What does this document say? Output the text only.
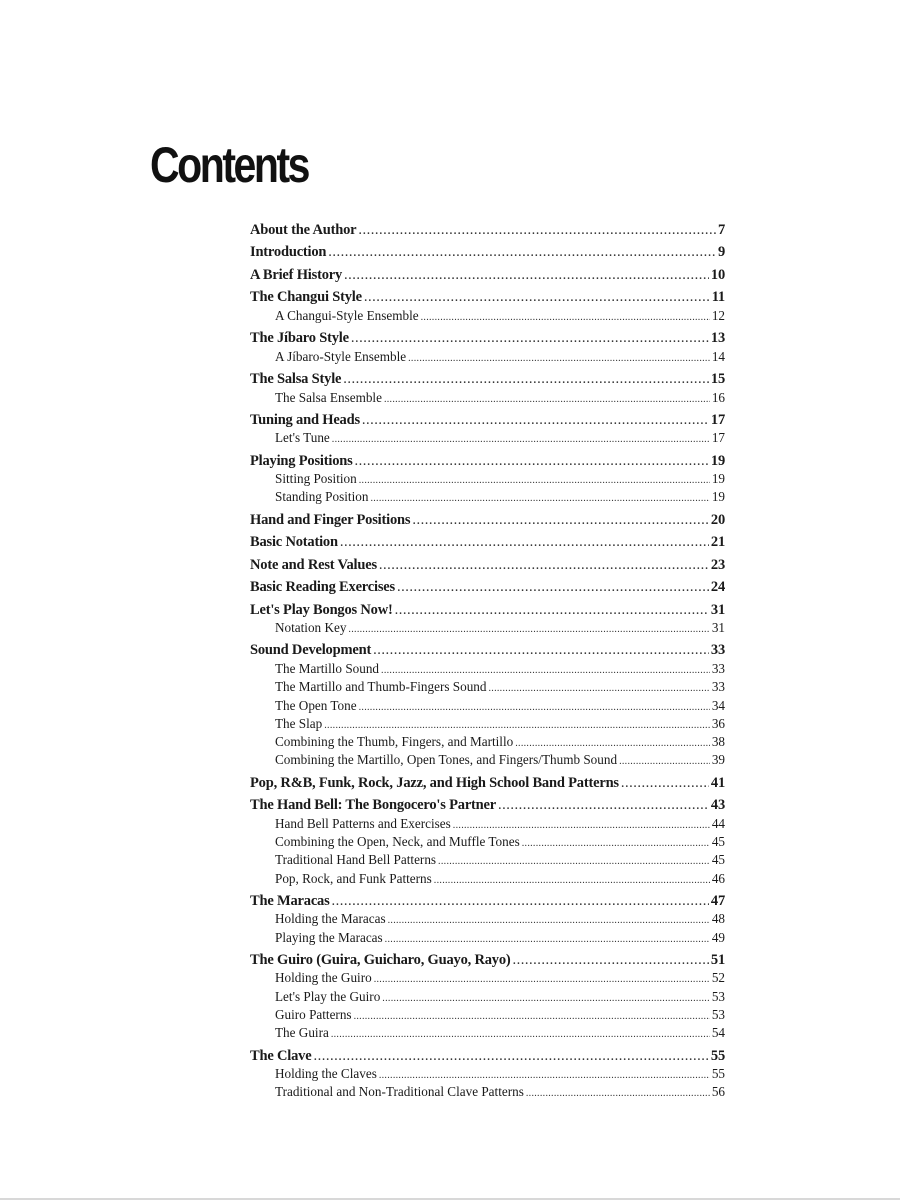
Contents
About the Author .....	7
Introduction .....	9
A Brief History .....	10
The Changui Style .....	11
A Changui-Style Ensemble .....	12
The Jíbaro Style .....	13
A Jíbaro-Style Ensemble .....	14
The Salsa Style .....	15
The Salsa Ensemble .....	16
Tuning and Heads .....	17
Let's Tune .....	17
Playing Positions .....	19
Sitting Position .....	19
Standing Position .....	19
Hand and Finger Positions .....	20
Basic Notation .....	21
Note and Rest Values .....	23
Basic Reading Exercises .....	24
Let's Play Bongos Now! .....	31
Notation Key .....	31
Sound Development .....	33
The Martillo Sound .....	33
The Martillo and Thumb-Fingers Sound .....	33
The Open Tone .....	34
The Slap .....	36
Combining the Thumb, Fingers, and Martillo .....	38
Combining the Martillo, Open Tones, and Fingers/Thumb Sound .....	39
Pop, R&B, Funk, Rock, Jazz, and High School Band Patterns .....	41
The Hand Bell: The Bongocero's Partner .....	43
Hand Bell Patterns and Exercises .....	44
Combining the Open, Neck, and Muffle Tones .....	45
Traditional Hand Bell Patterns .....	45
Pop, Rock, and Funk Patterns .....	46
The Maracas .....	47
Holding the Maracas .....	48
Playing the Maracas .....	49
The Guiro (Guira, Guicharo, Guayo, Rayo) .....	51
Holding the Guiro .....	52
Let's Play the Guiro .....	53
Guiro Patterns .....	53
The Guira .....	54
The Clave .....	55
Holding the Claves .....	55
Traditional and Non-Traditional Clave Patterns .....	56
